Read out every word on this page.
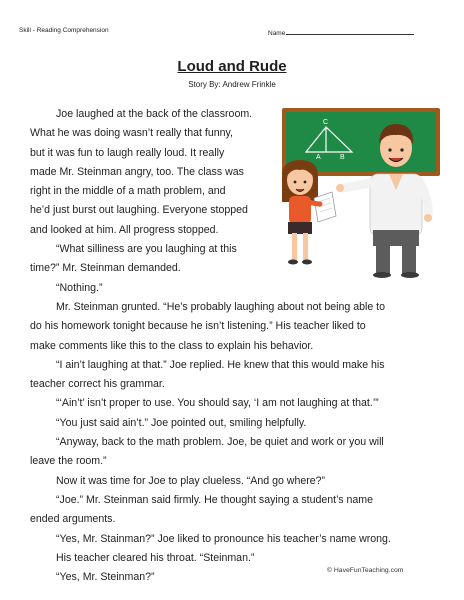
Skill - Reading Comprehension	Name
Loud and Rude
Story By: Andrew Frinkle
Joe laughed at the back of the classroom.
What he was doing wasn’t really that funny,
but it was fun to laugh really loud. It really
made Mr. Steinman angry, too. The class was
right in the middle of a math problem, and
he’d just burst out laughing. Everyone stopped
and looked at him. All progress stopped.
“What silliness are you laughing at this
time?” Mr. Steinman demanded.
“Nothing.”
Mr. Steinman grunted. “He’s probably laughing about not being able to
do his homework tonight because he isn’t listening.” His teacher liked to
make comments like this to the class to explain his behavior.
“I ain’t laughing at that.” Joe replied. He knew that this would make his
teacher correct his grammar.
“‘Ain’t’ isn’t proper to use. You should say, ‘I am not laughing at that.’”
“You just said ain’t.” Joe pointed out, smiling helpfully.
“Anyway, back to the math problem. Joe, be quiet and work or you will
leave the room.”
Now it was time for Joe to play clueless. “And go where?”
“Joe.” Mr. Steinman said firmly. He thought saying a student’s name
ended arguments.
“Yes, Mr. Stainman?” Joe liked to pronounce his teacher’s name wrong.
His teacher cleared his throat. “Steinman.”
“Yes, Mr. Steinman?”
C
A	B
© HaveFunTeaching.com
